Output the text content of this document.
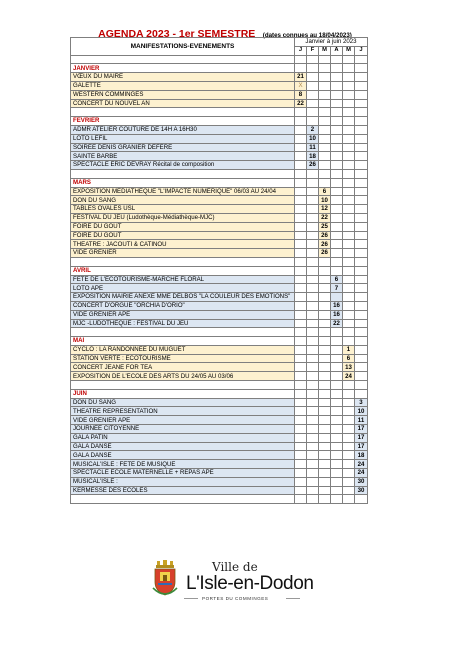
AGENDA 2023 - 1er SEMESTRE (dates connues au 18/04/2023)
MANIFESTATIONS-EVENEMENTS	Janvier à juin 2023					
	J	F	M	A	M	J

JANVIER						
VŒUX DU MAIRE	21					
GALETTE	X					
WESTERN COMMINGES	8					
CONCERT DU NOUVEL AN	22					

FEVRIER						
ADMR ATELIER COUTURE DE 14H A 16H30		2				
LOTO LEFIL		10				
SOIREE DENIS GRANIER DEFERE		11				
SAINTE BARBE		18				
SPECTACLE ERIC DEVRAY Récital de composition		26				

MARS						
EXPOSITION MEDIATHEQUE "L'IMPACTE NUMERIQUE" 06/03 AU 24/04			6			
DON DU SANG			10			
TABLES OVALES USL			12			
FESTIVAL DU JEU (Ludothèque-Médiathèque-MJC)			22			
FOIRE DU GOUT			25			
FOIRE DU GOUT			26			
THEATRE : JACOUTI & CATINOU			26			
VIDE GRENIER			26			

AVRIL						
FETE DE L'ECOTOURISME-MARCHE FLORAL				6		
LOTO APE				7		
EXPOSITION MAIRIE ANEXE MME DELBOS "LA COULEUR DES EMOTIONS"						
CONCERT D'ORGUE "ORCHIA D'ORIO"				16		
VIDE GRENIER APE				16		
MJC -LUDOTHEQUE : FESTIVAL DU JEU				22		

MAI						
CYCLO : LA RANDONNEE DU MUGUET					1	
STATION VERTE : ECOTOURISME					6	
CONCERT JEANE FOR TEA					13	
EXPOSITION DE L'ECOLE DES ARTS DU 24/05 AU 03/06					24	

JUIN						
DON DU SANG						3
THEATRE REPRESENTATION						10
VIDE GRENIER APE						11
JOURNEE CITOYENNE						17
GALA PATIN						17
GALA DANSE						17
GALA DANSE						18
MUSICAL'ISLE : FETE DE MUSIQUE						24
SPECTACLE ECOLE MATERNELLE + REPAS APE						24
MUSICAL'ISLE :						30
KERMESSE DES ECOLES						30

Ville de
L'Isle-en-Dodon
PORTES DU COMMINGES
